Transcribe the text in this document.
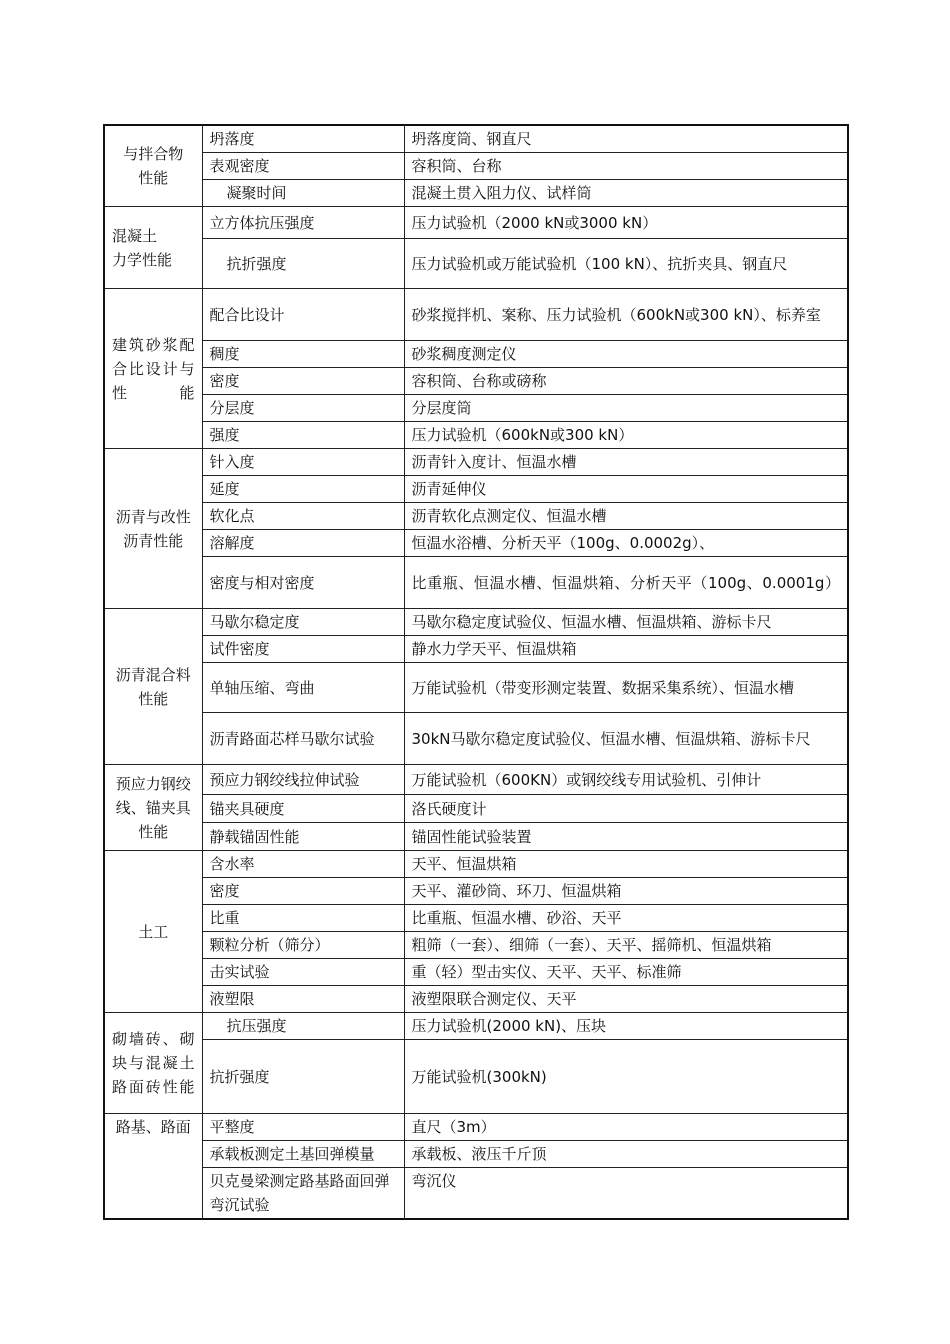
与拌合物
性能	坍落度	坍落度筒、钢直尺
	表观密度	容积筒、台称
	凝聚时间	混凝土贯入阻力仪、试样筒
混凝土
力学性能	立方体抗压强度	压力试验机（2000 kN或3000 kN）
	抗折强度	压力试验机或万能试验机（100 kN）、抗折夹具、钢直尺
建筑砂浆配合比设计与性能	配合比设计	砂浆搅拌机、案称、压力试验机（600kN或300 kN）、标养室
	稠度	砂浆稠度测定仪
	密度	容积筒、台称或磅称
	分层度	分层度筒
	强度	压力试验机（600kN或300 kN）
沥青与改性沥青性能	针入度	沥青针入度计、恒温水槽
	延度	沥青延伸仪
	软化点	沥青软化点测定仪、恒温水槽
	溶解度	恒温水浴槽、分析天平（100g、0.0002g）、
	密度与相对密度	比重瓶、恒温水槽、恒温烘箱、分析天平（100g、0.0001g）
沥青混合料性能	马歇尔稳定度	马歇尔稳定度试验仪、恒温水槽、恒温烘箱、游标卡尺
	试件密度	静水力学天平、恒温烘箱
	单轴压缩、弯曲	万能试验机（带变形测定装置、数据采集系统）、恒温水槽
	沥青路面芯样马歇尔试验	30kN马歇尔稳定度试验仪、恒温水槽、恒温烘箱、游标卡尺
预应力钢绞线、锚夹具性能	预应力钢绞线拉伸试验	万能试验机（600KN）或钢绞线专用试验机、引伸计
	锚夹具硬度	洛氏硬度计
	静载锚固性能	锚固性能试验装置
土工	含水率	天平、恒温烘箱
	密度	天平、灌砂筒、环刀、恒温烘箱
	比重	比重瓶、恒温水槽、砂浴、天平
	颗粒分析（筛分）	粗筛（一套）、细筛（一套）、天平、摇筛机、恒温烘箱
	击实试验	重（轻）型击实仪、天平、天平、标准筛
	液塑限	液塑限联合测定仪、天平
砌墙砖、砌块与混凝土路面砖性能	抗压强度	压力试验机(2000 kN)、压块
	抗折强度	万能试验机(300kN)
路基、路面	平整度	直尺（3m）
	承载板测定土基回弹模量	承载板、液压千斤顶
	贝克曼梁测定路基路面回弹弯沉试验	弯沉仪
